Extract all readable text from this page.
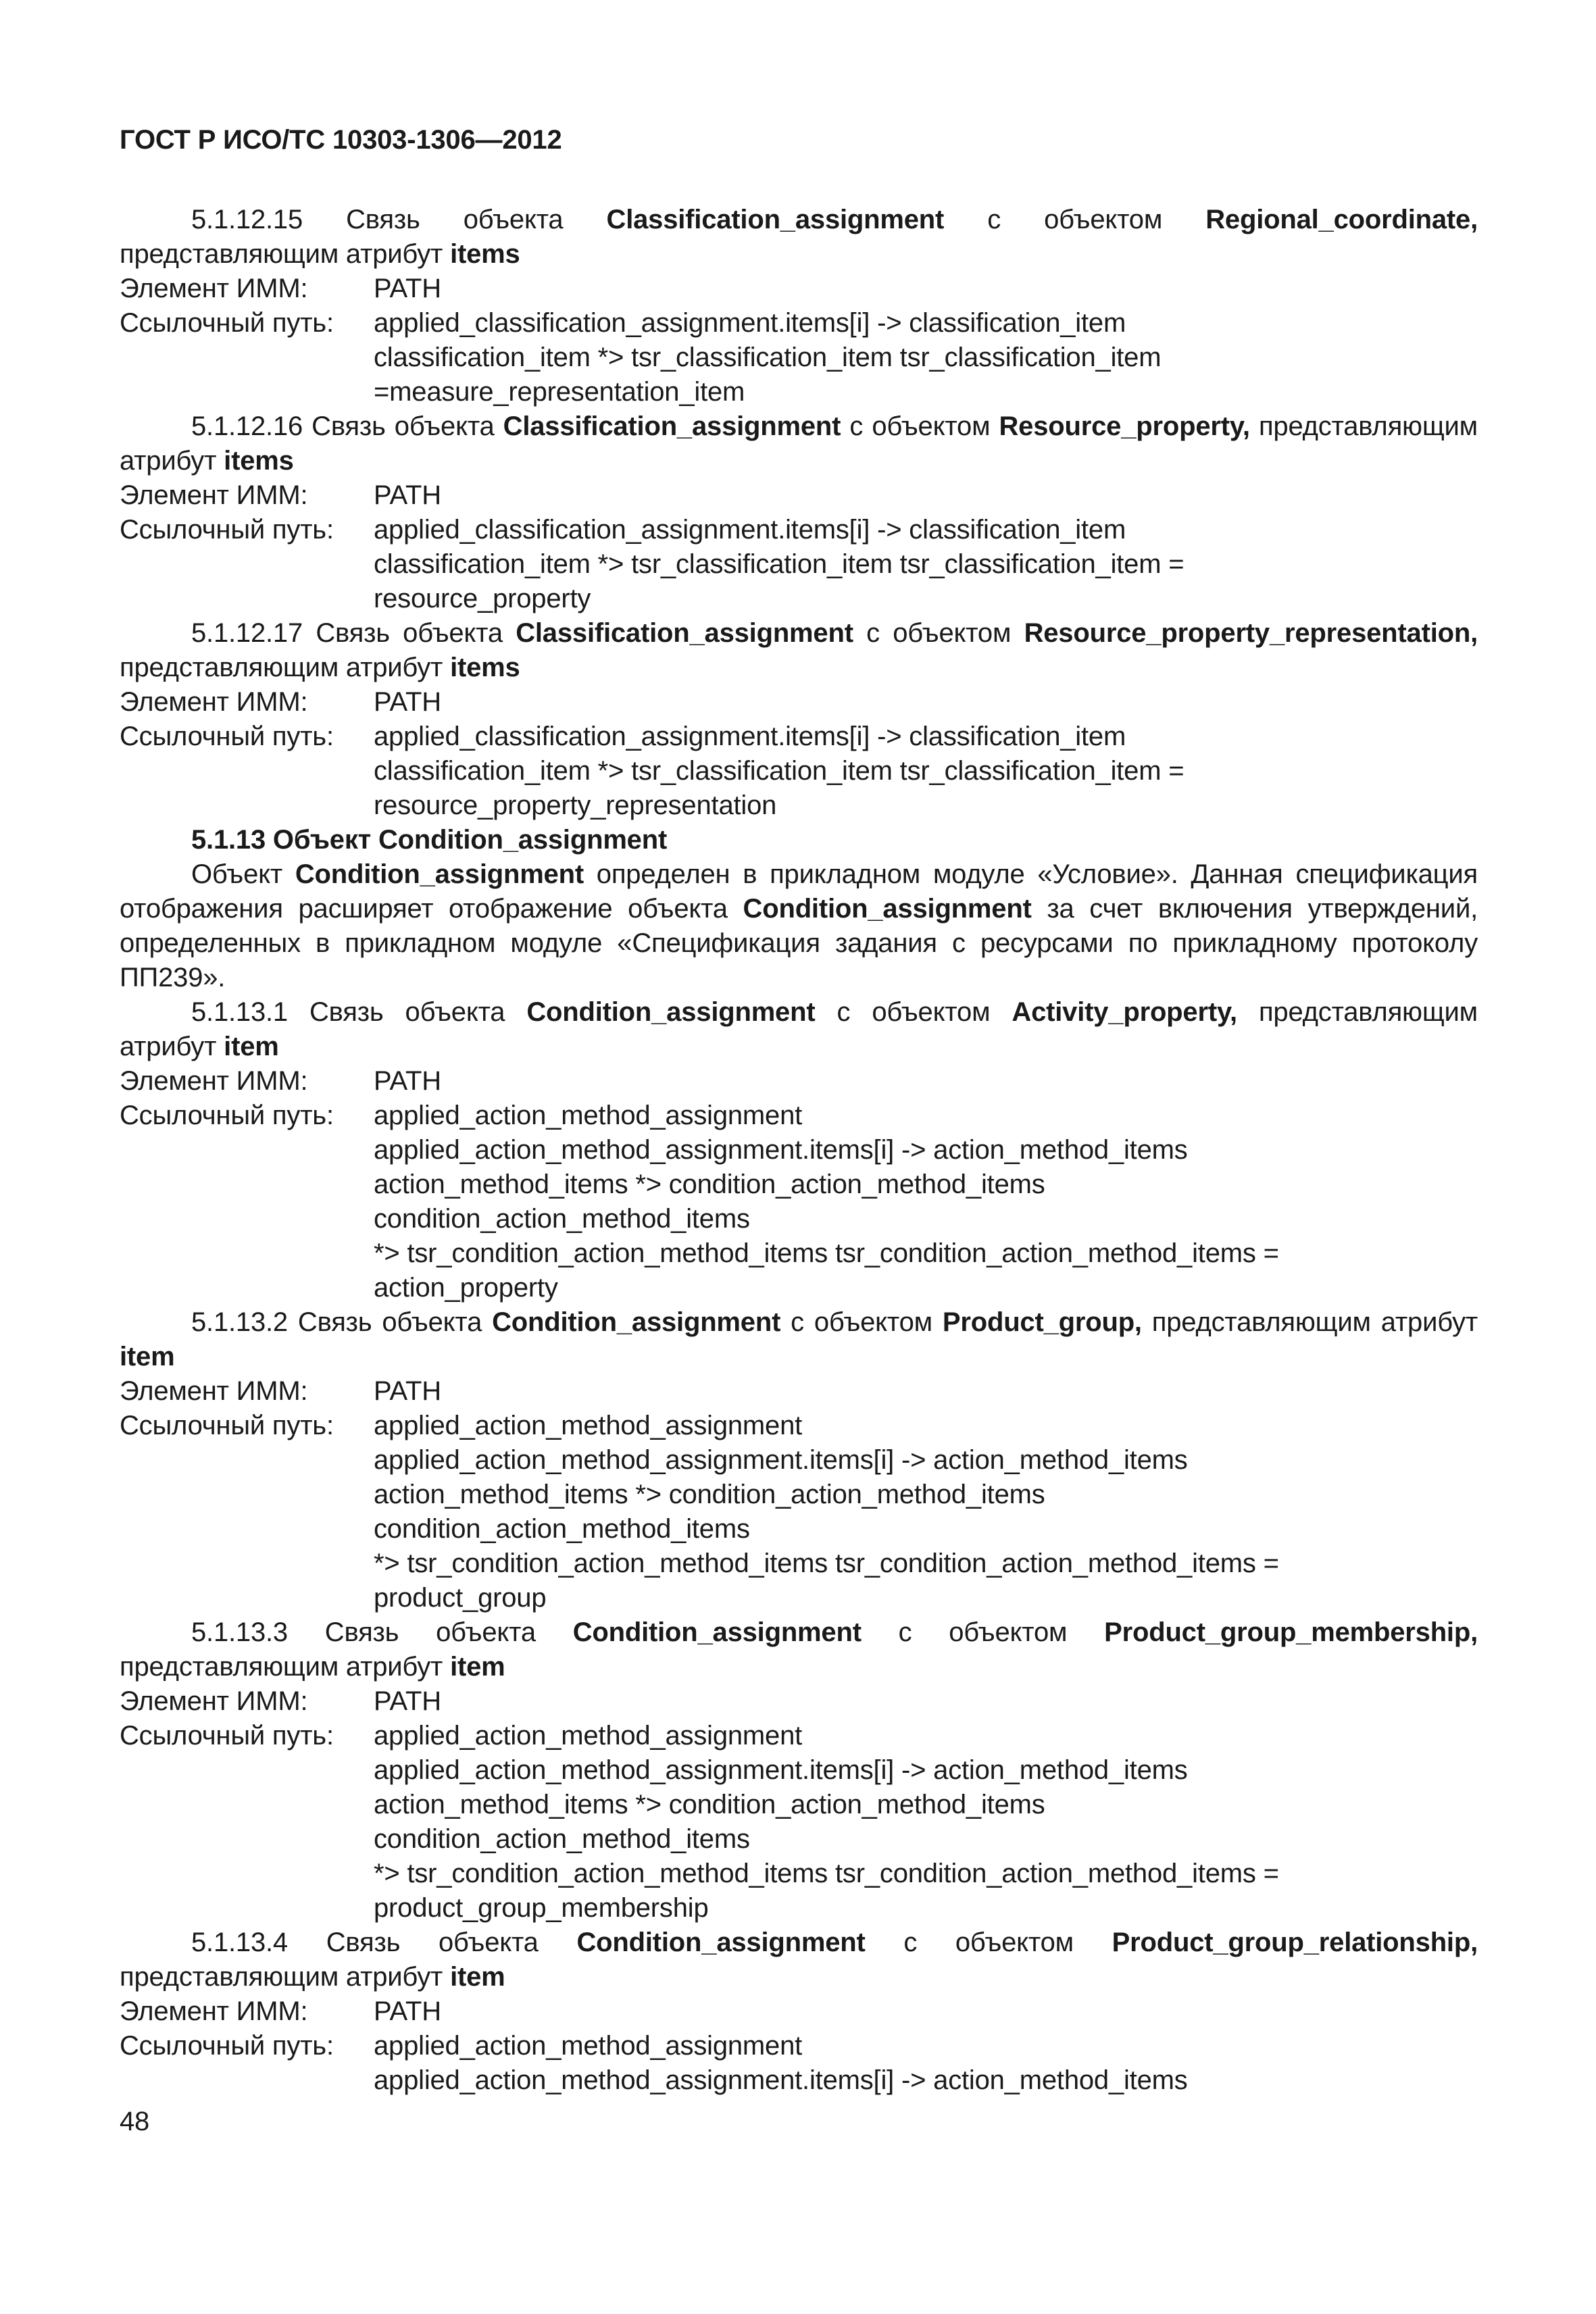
ГОСТ Р ИСО/ТС 10303-1306—2012

5.1.12.15 Связь объекта Classification_assignment с объектом Regional_coordinate, представляющим атрибут items

Элемент ИММ:	PATH
Ссылочный путь:	applied_classification_assignment.items[i] -> classification_item
classification_item *> tsr_classification_item tsr_classification_item
=measure_representation_item

5.1.12.16 Связь объекта Classification_assignment с объектом Resource_property, представляющим атрибут items

Элемент ИММ:	PATH
Ссылочный путь:	applied_classification_assignment.items[i] -> classification_item
classification_item *> tsr_classification_item tsr_classification_item =
resource_property

5.1.12.17 Связь объекта Classification_assignment с объектом Resource_property_representation, представляющим атрибут items

Элемент ИММ:	PATH
Ссылочный путь:	applied_classification_assignment.items[i] -> classification_item
classification_item *> tsr_classification_item tsr_classification_item =
resource_property_representation
5.1.13 Объект Condition_assignment

Объект Condition_assignment определен в прикладном модуле «Условие». Данная спецификация отображения расширяет отображение объекта Condition_assignment за счет включения утверждений, определенных в прикладном модуле «Спецификация задания с ресурсами по прикладному протоколу ПП239».

5.1.13.1 Связь объекта Condition_assignment с объектом Activity_property, представляющим атрибут item

Элемент ИММ:	PATH
Ссылочный путь:	applied_action_method_assignment
applied_action_method_assignment.items[i] -> action_method_items
action_method_items *> condition_action_method_items
condition_action_method_items
*> tsr_condition_action_method_items tsr_condition_action_method_items =
action_property

5.1.13.2 Связь объекта Condition_assignment с объектом Product_group, представляющим атрибут item

Элемент ИММ:	PATH
Ссылочный путь:	applied_action_method_assignment
applied_action_method_assignment.items[i] -> action_method_items
action_method_items *> condition_action_method_items
condition_action_method_items
*> tsr_condition_action_method_items tsr_condition_action_method_items =
product_group

5.1.13.3 Связь объекта Condition_assignment с объектом Product_group_membership, представляющим атрибут item

Элемент ИММ:	PATH
Ссылочный путь:	applied_action_method_assignment
applied_action_method_assignment.items[i] -> action_method_items
action_method_items *> condition_action_method_items
condition_action_method_items
*> tsr_condition_action_method_items tsr_condition_action_method_items =
product_group_membership

5.1.13.4 Связь объекта Condition_assignment с объектом Product_group_relationship, представляющим атрибут item

Элемент ИММ:	PATH
Ссылочный путь:	applied_action_method_assignment
applied_action_method_assignment.items[i] -> action_method_items
48
